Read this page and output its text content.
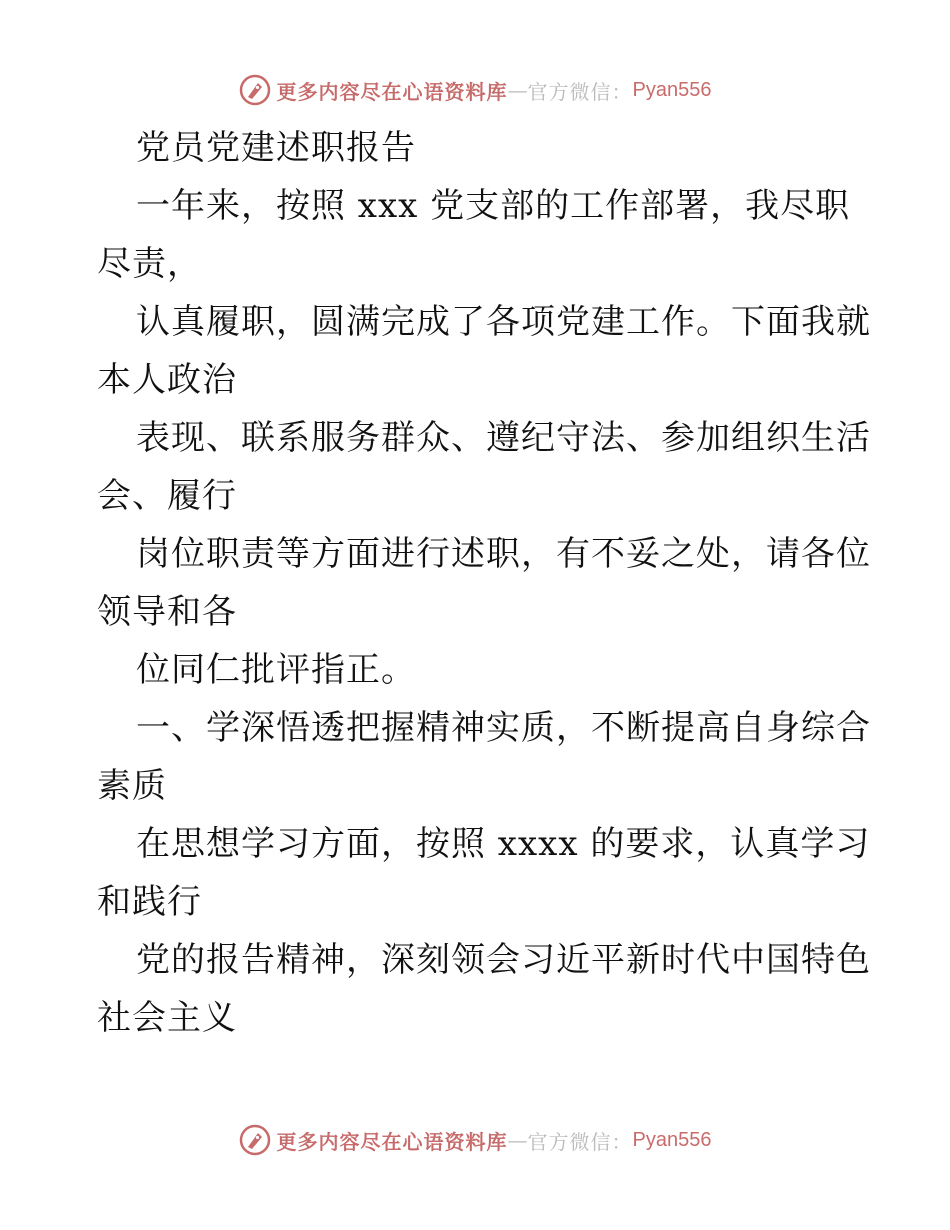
更多内容尽在心语资料库 — 官方微信： Pyan556
党员党建述职报告
一年来，按照 xxx 党支部的工作部署，我尽职
尽责，
认真履职，圆满完成了各项党建工作。下面我就
本人政治
表现、联系服务群众、遵纪守法、参加组织生活
会、履行
岗位职责等方面进行述职，有不妥之处，请各位
领导和各
位同仁批评指正。
一、学深悟透把握精神实质，不断提高自身综合
素质
在思想学习方面，按照 xxxx 的要求，认真学习
和践行
党的报告精神，深刻领会习近平新时代中国特色
社会主义
更多内容尽在心语资料库 — 官方微信： Pyan556
